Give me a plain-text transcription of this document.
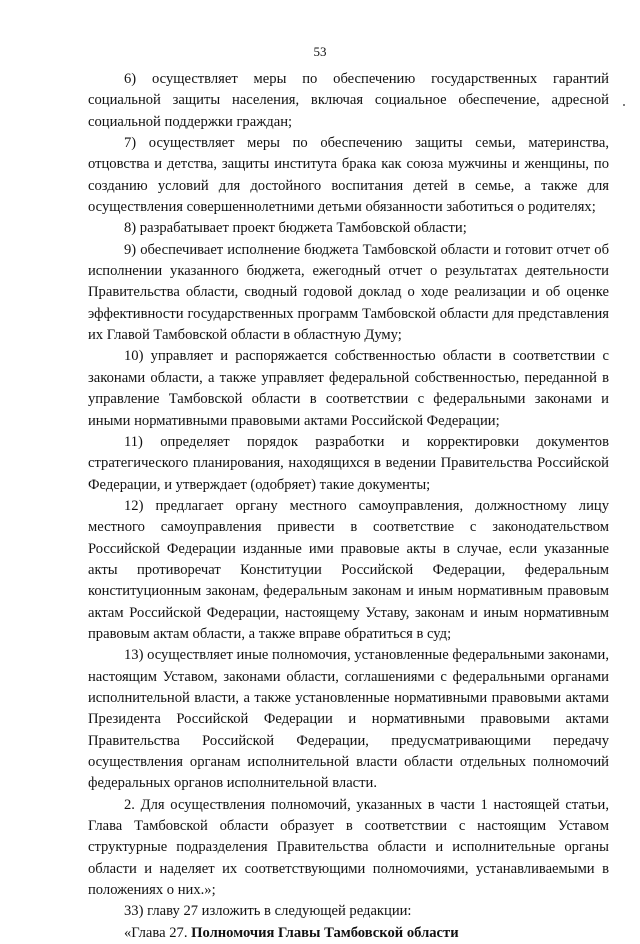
53

6) осуществляет меры по обеспечению государственных гарантий социальной защиты населения, включая социальное обеспечение, адресной социальной поддержки граждан;

7) осуществляет меры по обеспечению защиты семьи, материнства, отцовства и детства, защиты института брака как союза мужчины и женщины, по созданию условий для достойного воспитания детей в семье, а также для осуществления совершеннолетними детьми обязанности заботиться о родителях;

8) разрабатывает проект бюджета Тамбовской области;

9) обеспечивает исполнение бюджета Тамбовской области и готовит отчет об исполнении указанного бюджета, ежегодный отчет о результатах деятельности Правительства области, сводный годовой доклад о ходе реализации и об оценке эффективности государственных программ Тамбовской области для представления их Главой Тамбовской области в областную Думу;

10) управляет и распоряжается собственностью области в соответствии с законами области, а также управляет федеральной собственностью, переданной в управление Тамбовской области в соответствии с федеральными законами и иными нормативными правовыми актами Российской Федерации;

11) определяет порядок разработки и корректировки документов стратегического планирования, находящихся в ведении Правительства Российской Федерации, и утверждает (одобряет) такие документы;

12) предлагает органу местного самоуправления, должностному лицу местного самоуправления привести в соответствие с законодательством Российской Федерации изданные ими правовые акты в случае, если указанные акты противоречат Конституции Российской Федерации, федеральным конституционным законам, федеральным законам и иным нормативным правовым актам Российской Федерации, настоящему Уставу, законам и иным нормативным правовым актам области, а также вправе обратиться в суд;

13) осуществляет иные полномочия, установленные федеральными законами, настоящим Уставом, законами области, соглашениями с федеральными органами исполнительной власти, а также установленные нормативными правовыми актами Президента Российской Федерации и нормативными правовыми актами Правительства Российской Федерации, предусматривающими передачу осуществления органам исполнительной власти области отдельных полномочий федеральных органов исполнительной власти.

2. Для осуществления полномочий, указанных в части 1 настоящей статьи, Глава Тамбовской области образует в соответствии с настоящим Уставом структурные подразделения Правительства области и исполнительные органы области и наделяет их соответствующими полномочиями, устанавливаемыми в положениях о них.»;

33) главу 27 изложить в следующей редакции:

«Глава 27. Полномочия Главы Тамбовской области
